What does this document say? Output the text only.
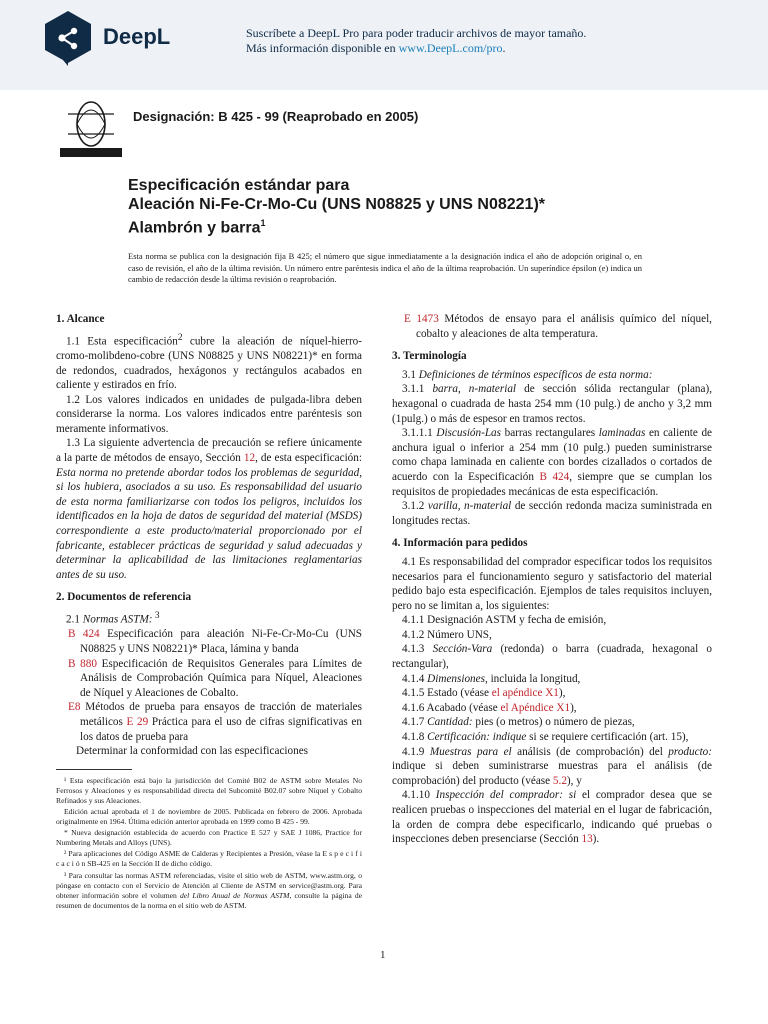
DeepL	Suscríbete a DeepL Pro para poder traducir archivos de mayor tamaño.
Más información disponible en www.DeepL.com/pro.
Designación: B 425 - 99 (Reaprobado en 2005)
Especificación estándar para
Aleación Ni-Fe-Cr-Mo-Cu (UNS N08825 y UNS N08221)*
Alambrón y barra$^1$
Esta norma se publica con la designación fija B 425; el número que sigue inmediatamente a la designación indica el año de adopción original o, en caso de revisión, el año de la última revisión. Un número entre paréntesis indica el año de la última reaprobación. Un superíndice épsilon (e) indica un cambio de redacción desde la última revisión o reaprobación.
1. Alcance

1.1 Esta especificación$^2$ cubre la aleación de níquel-hierro-cromo-molibdeno-cobre (UNS N08825 y UNS N08221)* en forma de redondos, cuadrados, hexágonos y rectángulos acabados en caliente y estirados en frío.

1.2 Los valores indicados en unidades de pulgada-libra deben considerarse la norma. Los valores indicados entre paréntesis son meramente informativos.

1.3 La siguiente advertencia de precaución se refiere únicamente a la parte de métodos de ensayo, Sección 12, de esta especificación: Esta norma no pretende abordar todos los problemas de seguridad, si los hubiera, asociados a su uso. Es responsabilidad del usuario de esta norma familiarizarse con todos los peligros, incluidos los identificados en la hoja de datos de seguridad del material (MSDS) correspondiente a este producto/material proporcionado por el fabricante, establecer prácticas de seguridad y salud adecuadas y determinar la aplicabilidad de las limitaciones reglamentarias antes de su uso.

2. Documentos de referencia

2.1 Normas ASTM: $^3$

B 424 Especificación para aleación Ni-Fe-Cr-Mo-Cu (UNS N08825 y UNS N08221)* Placa, lámina y banda

B 880 Especificación de Requisitos Generales para Límites de Análisis de Comprobación Química para Níquel, Aleaciones de Níquel y Aleaciones de Cobalto.

E8 Métodos de prueba para ensayos de tracción de materiales metálicos E 29 Práctica para el uso de cifras significativas en los datos de prueba para

Determinar la conformidad con las especificaciones

¹ Esta especificación está bajo la jurisdicción del Comité B02 de ASTM sobre Metales No Ferrosos y Aleaciones y es responsabilidad directa del Subcomité B02.07 sobre Níquel y Cobalto Refinados y sus Aleaciones.

Edición actual aprobada el 1 de noviembre de 2005. Publicada en febrero de 2006. Aprobada originalmente en 1964. Última edición anterior aprobada en 1999 como B 425 - 99.

* Nueva designación establecida de acuerdo con Practice E 527 y SAE J 1086, Practice for Numbering Metals and Alloys (UNS).

² Para aplicaciones del Código ASME de Calderas y Recipientes a Presión, véase la E s p e c i f i c a c i ó n SB-425 en la Sección II de dicho código.

³ Para consultar las normas ASTM referenciadas, visite el sitio web de ASTM, www.astm.org, o póngase en contacto con el Servicio de Atención al Cliente de ASTM en service@astm.org. Para obtener información sobre el volumen del Libro Anual de Normas ASTM, consulte la página de resumen de documentos de la norma en el sitio web de ASTM.

E 1473 Métodos de ensayo para el análisis químico del níquel, cobalto y aleaciones de alta temperatura.

3. Terminología

3.1 Definiciones de términos específicos de esta norma:

3.1.1 barra, n-material de sección sólida rectangular (plana), hexagonal o cuadrada de hasta 254 mm (10 pulg.) de ancho y 3,2 mm (1pulg.) o más de espesor en tramos rectos.

3.1.1.1 Discusión-Las barras rectangulares laminadas en caliente de anchura igual o inferior a 254 mm (10 pulg.) pueden suministrarse como chapa laminada en caliente con bordes cizallados o cortados de acuerdo con la Especificación B 424, siempre que se cumplan los requisitos de propiedades mecánicas de esta especificación.

3.1.2 varilla, n-material de sección redonda maciza suministrada en longitudes rectas.

4. Información para pedidos

4.1 Es responsabilidad del comprador especificar todos los requisitos necesarios para el funcionamiento seguro y satisfactorio del material pedido bajo esta especificación. Ejemplos de tales requisitos incluyen, pero no se limitan a, los siguientes:

4.1.1 Designación ASTM y fecha de emisión,

4.1.2 Número UNS,

4.1.3 Sección-Vara (redonda) o barra (cuadrada, hexagonal o rectangular),

4.1.4 Dimensiones, incluida la longitud,

4.1.5 Estado (véase el apéndice X1),

4.1.6 Acabado (véase el Apéndice X1),

4.1.7 Cantidad: pies (o metros) o número de piezas,

4.1.8 Certificación: indique si se requiere certificación (art. 15),

4.1.9 Muestras para el análisis (de comprobación) del producto: indique si deben suministrarse muestras para el análisis (de comprobación) del producto (véase 5.2), y

4.1.10 Inspección del comprador: si el comprador desea que se realicen pruebas o inspecciones del material en el lugar de fabricación, la orden de compra debe especificarlo, indicando qué pruebas o inspecciones deben presenciarse (Sección 13).

1
